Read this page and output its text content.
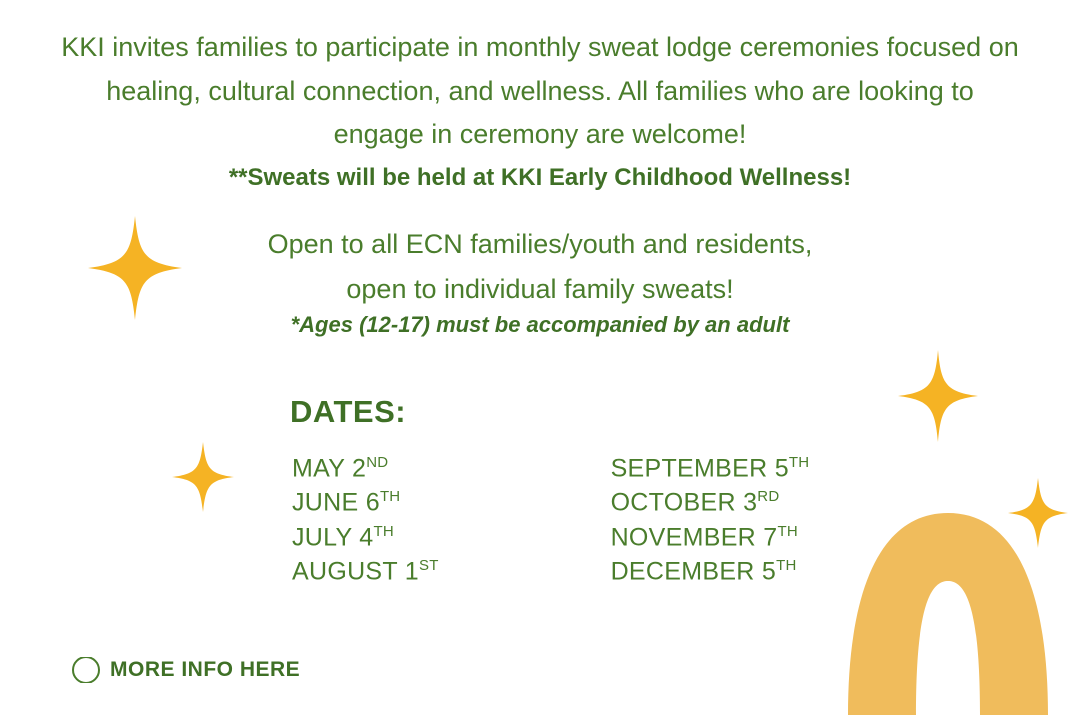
KKI invites families to participate in monthly sweat lodge ceremonies focused on healing, cultural connection, and wellness. All families who are looking to engage in ceremony are welcome!
**Sweats will be held at KKI Early Childhood Wellness!
Open to all ECN families/youth and residents,
open to individual family sweats!
*Ages (12-17) must be accompanied by an adult
DATES:
MAY 2ND
JUNE 6TH
JULY 4TH
AUGUST 1ST
SEPTEMBER 5TH
OCTOBER 3RD
NOVEMBER 7TH
DECEMBER 5TH
MORE INFO HERE
